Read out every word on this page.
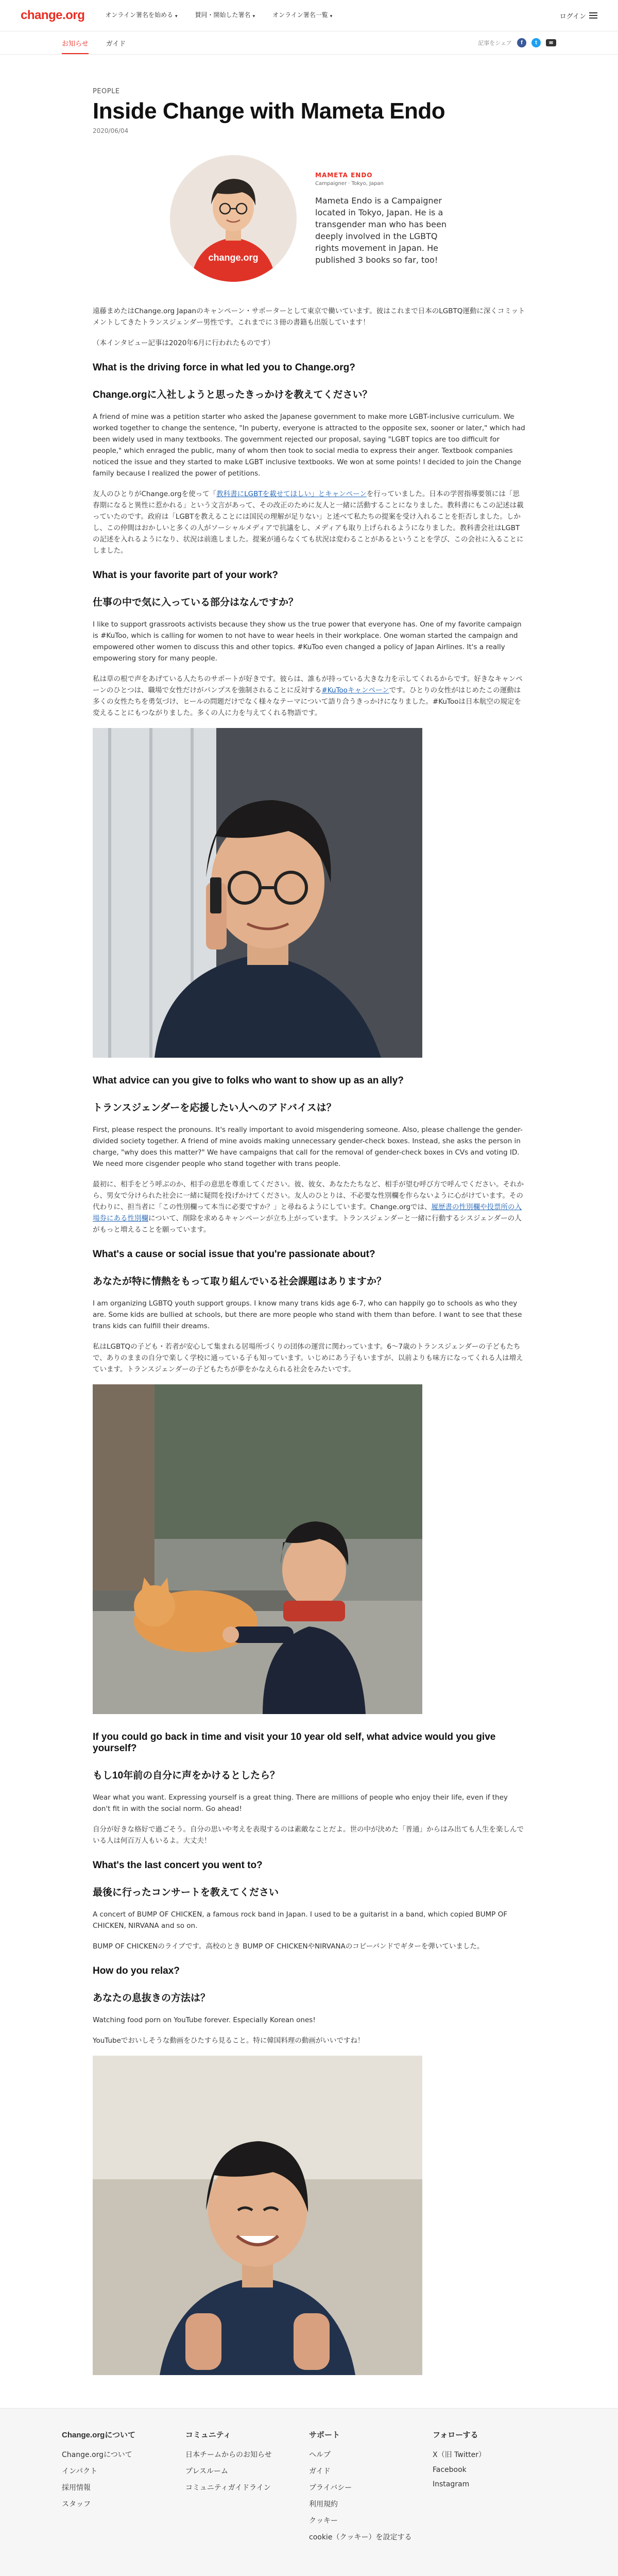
change.org	オンライン署名を始める ▾	賛同・開始した署名 ▾	オンライン署名一覧 ▾	ログイン
お知らせ	ガイド	記事をシェア	f	t	✉
PEOPLE
Inside Change with Mameta Endo
2020/06/04
change.org
MAMETA ENDO
Campaigner · Tokyo, Japan
Mameta Endo is a Campaigner located in Tokyo, Japan. He is a transgender man who has been deeply involved in the LGBTQ rights movement in Japan. He published 3 books so far, too!

遠藤まめたはChange.org Japanのキャンペーン・サポーターとして東京で働いています。彼はこれまで日本のLGBTQ運動に深くコミットメントしてきたトランスジェンダー男性です。これまでに３冊の書籍も出版しています！

（本インタビュー記事は2020年6月に行われたものです）

What is the driving force in what led you to Change.org?
Change.orgに入社しようと思ったきっかけを教えてください？

A friend of mine was a petition starter who asked the Japanese government to make more LGBT-inclusive curriculum. We worked together to change the sentence, "In puberty, everyone is attracted to the opposite sex, sooner or later," which had been widely used in many textbooks. The government rejected our proposal, saying "LGBT topics are too difficult for people," which enraged the public, many of whom then took to social media to express their anger. Textbook companies noticed the issue and they started to make LGBT inclusive textbooks. We won at some points! I decided to join the Change family because I realized the power of petitions.

友人のひとりがChange.orgを使って「教科書にLGBTを載せてほしい」とキャンペーンを行っていました。日本の学習指導要領には「思春期になると異性に惹かれる」という文言があって、その改正のために友人と一緒に活動することになりました。教科書にもこの記述は載っていたのです。政府は「LGBTを教えることには国民の理解が足りない」と述べて私たちの提案を受け入れることを拒否しました。しかし、この仲間はおかしいと多くの人がソーシャルメディアで抗議をし、メディアも取り上げられるようになりました。教科書会社はLGBTの記述を入れるようになり、状況は前進しました。提案が通らなくても状況は変わることがあるということを学び、この会社に入ることにしました。

What is your favorite part of your work?
仕事の中で気に入っている部分はなんですか？

I like to support grassroots activists because they show us the true power that everyone has. One of my favorite campaign is #KuToo, which is calling for women to not have to wear heels in their workplace. One woman started the campaign and empowered other women to discuss this and other topics. #KuToo even changed a policy of Japan Airlines. It's a really empowering story for many people.

私は草の根で声をあげている人たちのサポートが好きです。彼らは、誰もが持っている大きな力を示してくれるからです。好きなキャンペーンのひとつは、職場で女性だけがパンプスを強制されることに反対する#KuTooキャンペーンです。ひとりの女性がはじめたこの運動は多くの女性たちを勇気づけ、ヒールの問題だけでなく様々なテーマについて語り合うきっかけになりました。#KuTooは日本航空の規定を変えることにもつながりました。多くの人に力を与えてくれる物語です。

What advice can you give to folks who want to show up as an ally?
トランスジェンダーを応援したい人へのアドバイスは？

First, please respect the pronouns. It's really important to avoid misgendering someone. Also, please challenge the gender-divided society together. A friend of mine avoids making unnecessary gender-check boxes. Instead, she asks the person in charge, "why does this matter?" We have campaigns that call for the removal of gender-check boxes in CVs and voting ID. We need more cisgender people who stand together with trans people.

最初に、相手をどう呼ぶのか、相手の意思を尊重してください。彼、彼女、あなたたちなど、相手が望む呼び方で呼んでください。それから、男女で分けられた社会に一緒に疑問を投げかけてください。友人のひとりは、不必要な性別欄を作らないように心がけています。その代わりに、担当者に「この性別欄って本当に必要ですか？」と尋ねるようにしています。Change.orgでは、履歴書の性別欄や投票所の入場券にある性別欄について、削除を求めるキャンペーンが立ち上がっています。トランスジェンダーと一緒に行動するシスジェンダーの人がもっと増えることを願っています。

What's a cause or social issue that you're passionate about?
あなたが特に情熱をもって取り組んでいる社会課題はありますか？

I am organizing LGBTQ youth support groups. I know many trans kids age 6-7, who can happily go to schools as who they are. Some kids are bullied at schools, but there are more people who stand with them than before. I want to see that these trans kids can fulfill their dreams.

私はLGBTQの子ども・若者が安心して集まれる居場所づくりの団体の運営に関わっています。6〜7歳のトランスジェンダーの子どもたちで、ありのままの自分で楽しく学校に通っている子も知っています。いじめにあう子もいますが、以前よりも味方になってくれる人は増えています。トランスジェンダーの子どもたちが夢をかなえられる社会をみたいです。

If you could go back in time and visit your 10 year old self, what advice would you give yourself?
もし10年前の自分に声をかけるとしたら？

Wear what you want. Expressing yourself is a great thing. There are millions of people who enjoy their life, even if they don't fit in with the social norm. Go ahead!

自分が好きな格好で過ごそう。自分の思いや考えを表現するのは素敵なことだよ。世の中が決めた「普通」からはみ出ても人生を楽しんでいる人は何百万人もいるよ。大丈夫！

What's the last concert you went to?
最後に行ったコンサートを教えてください

A concert of BUMP OF CHICKEN, a famous rock band in Japan. I used to be a guitarist in a band, which copied BUMP OF CHICKEN, NIRVANA and so on.

BUMP OF CHICKENのライブです。高校のとき BUMP OF CHICKENやNIRVANAのコピーバンドでギターを弾いていました。

How do you relax?
あなたの息抜きの方法は？

Watching food porn on YouTube forever. Especially Korean ones!

YouTubeでおいしそうな動画をひたすら見ること。特に韓国料理の動画がいいですね！

Change.orgについて
Change.orgについて
インパクト
採用情報
スタッフ
コミュニティ
日本チームからのお知らせ
プレスルーム
コミュニティガイドライン
サポート
ヘルプ
ガイド
プライバシー
利用規約
クッキー
cookie（クッキー）を設定する
フォローする
X（旧 Twitter）
Facebook
Instagram
